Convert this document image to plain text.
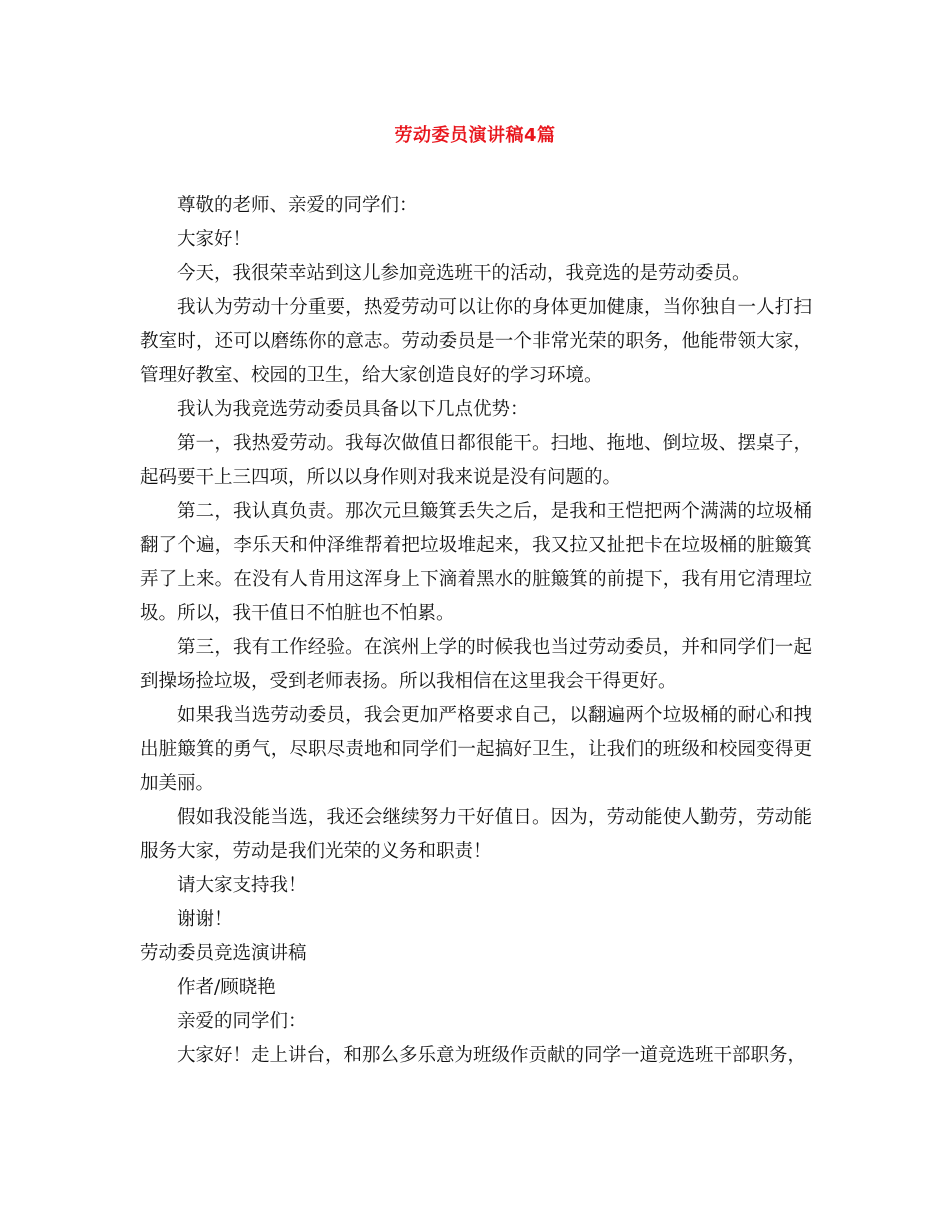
劳动委员演讲稿4篇

尊敬的老师、亲爱的同学们：

大家好！

今天，我很荣幸站到这儿参加竞选班干的活动，我竞选的是劳动委员。

我认为劳动十分重要，热爱劳动可以让你的身体更加健康，当你独自一人打扫教室时，还可以磨练你的意志。劳动委员是一个非常光荣的职务，他能带领大家，管理好教室、校园的卫生，给大家创造良好的学习环境。

我认为我竞选劳动委员具备以下几点优势：

第一，我热爱劳动。我每次做值日都很能干。扫地、拖地、倒垃圾、摆桌子，起码要干上三四项，所以以身作则对我来说是没有问题的。

第二，我认真负责。那次元旦簸箕丢失之后，是我和王恺把两个满满的垃圾桶翻了个遍，李乐天和仲泽维帮着把垃圾堆起来，我又拉又扯把卡在垃圾桶的脏簸箕弄了上来。在没有人肯用这浑身上下滴着黑水的脏簸箕的前提下，我有用它清理垃圾。所以，我干值日不怕脏也不怕累。

第三，我有工作经验。在滨州上学的时候我也当过劳动委员，并和同学们一起到操场捡垃圾，受到老师表扬。所以我相信在这里我会干得更好。

如果我当选劳动委员，我会更加严格要求自己，以翻遍两个垃圾桶的耐心和拽出脏簸箕的勇气，尽职尽责地和同学们一起搞好卫生，让我们的班级和校园变得更加美丽。

假如我没能当选，我还会继续努力干好值日。因为，劳动能使人勤劳，劳动能服务大家，劳动是我们光荣的义务和职责！

请大家支持我！

谢谢！

劳动委员竞选演讲稿

作者/顾晓艳

亲爱的同学们：

大家好！走上讲台，和那么多乐意为班级作贡献的同学一道竞选班干部职务，
